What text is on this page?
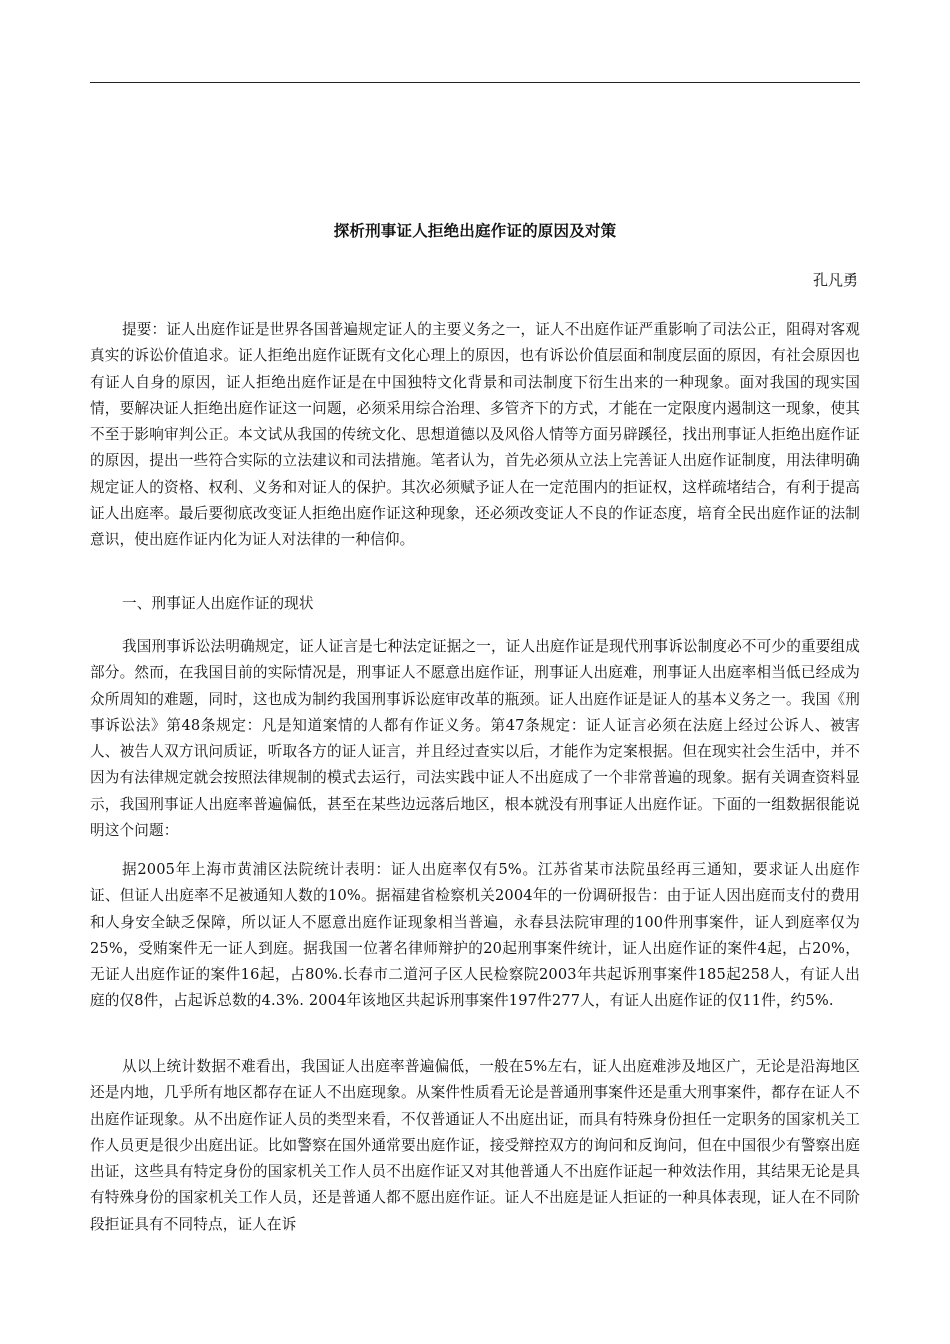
探析刑事证人拒绝出庭作证的原因及对策
孔凡勇

提要：证人出庭作证是世界各国普遍规定证人的主要义务之一，证人不出庭作证严重影响了司法公正，阻碍对客观真实的诉讼价值追求。证人拒绝出庭作证既有文化心理上的原因，也有诉讼价值层面和制度层面的原因，有社会原因也有证人自身的原因，证人拒绝出庭作证是在中国独特文化背景和司法制度下衍生出来的一种现象。面对我国的现实国情，要解决证人拒绝出庭作证这一问题，必须采用综合治理、多管齐下的方式，才能在一定限度内遏制这一现象，使其不至于影响审判公正。本文试从我国的传统文化、思想道德以及风俗人情等方面另辟蹊径，找出刑事证人拒绝出庭作证的原因，提出一些符合实际的立法建议和司法措施。笔者认为，首先必须从立法上完善证人出庭作证制度，用法律明确规定证人的资格、权利、义务和对证人的保护。其次必须赋予证人在一定范围内的拒证权，这样疏堵结合，有利于提高证人出庭率。最后要彻底改变证人拒绝出庭作证这种现象，还必须改变证人不良的作证态度，培育全民出庭作证的法制意识，使出庭作证内化为证人对法律的一种信仰。

一、刑事证人出庭作证的现状

我国刑事诉讼法明确规定，证人证言是七种法定证据之一，证人出庭作证是现代刑事诉讼制度必不可少的重要组成部分。然而，在我国目前的实际情况是，刑事证人不愿意出庭作证，刑事证人出庭难，刑事证人出庭率相当低已经成为众所周知的难题，同时，这也成为制约我国刑事诉讼庭审改革的瓶颈。证人出庭作证是证人的基本义务之一。我国《刑事诉讼法》第48条规定：凡是知道案情的人都有作证义务。第47条规定：证人证言必须在法庭上经过公诉人、被害人、被告人双方讯问质证，听取各方的证人证言，并且经过查实以后，才能作为定案根据。但在现实社会生活中，并不因为有法律规定就会按照法律规制的模式去运行，司法实践中证人不出庭成了一个非常普遍的现象。据有关调查资料显示，我国刑事证人出庭率普遍偏低，甚至在某些边远落后地区，根本就没有刑事证人出庭作证。下面的一组数据很能说明这个问题：

据2005年上海市黄浦区法院统计表明：证人出庭率仅有5%。江苏省某市法院虽经再三通知，要求证人出庭作证、但证人出庭率不足被通知人数的10%。据福建省检察机关2004年的一份调研报告：由于证人因出庭而支付的费用和人身安全缺乏保障，所以证人不愿意出庭作证现象相当普遍，永春县法院审理的100件刑事案件，证人到庭率仅为25%，受贿案件无一证人到庭。据我国一位著名律师辩护的20起刑事案件统计，证人出庭作证的案件4起，占20%，无证人出庭作证的案件16起，占80%.长春市二道河子区人民检察院2003年共起诉刑事案件185起258人，有证人出庭的仅8件，占起诉总数的4.3%. 2004年该地区共起诉刑事案件197件277人，有证人出庭作证的仅11件，约5%.

从以上统计数据不难看出，我国证人出庭率普遍偏低，一般在5%左右，证人出庭难涉及地区广，无论是沿海地区还是内地，几乎所有地区都存在证人不出庭现象。从案件性质看无论是普通刑事案件还是重大刑事案件，都存在证人不出庭作证现象。从不出庭作证人员的类型来看，不仅普通证人不出庭出证，而具有特殊身份担任一定职务的国家机关工作人员更是很少出庭出证。比如警察在国外通常要出庭作证，接受辩控双方的询问和反询问，但在中国很少有警察出庭出证，这些具有特定身份的国家机关工作人员不出庭作证又对其他普通人不出庭作证起一种效法作用，其结果无论是具有特殊身份的国家机关工作人员，还是普通人都不愿出庭作证。证人不出庭是证人拒证的一种具体表现，证人在不同阶段拒证具有不同特点，证人在诉
